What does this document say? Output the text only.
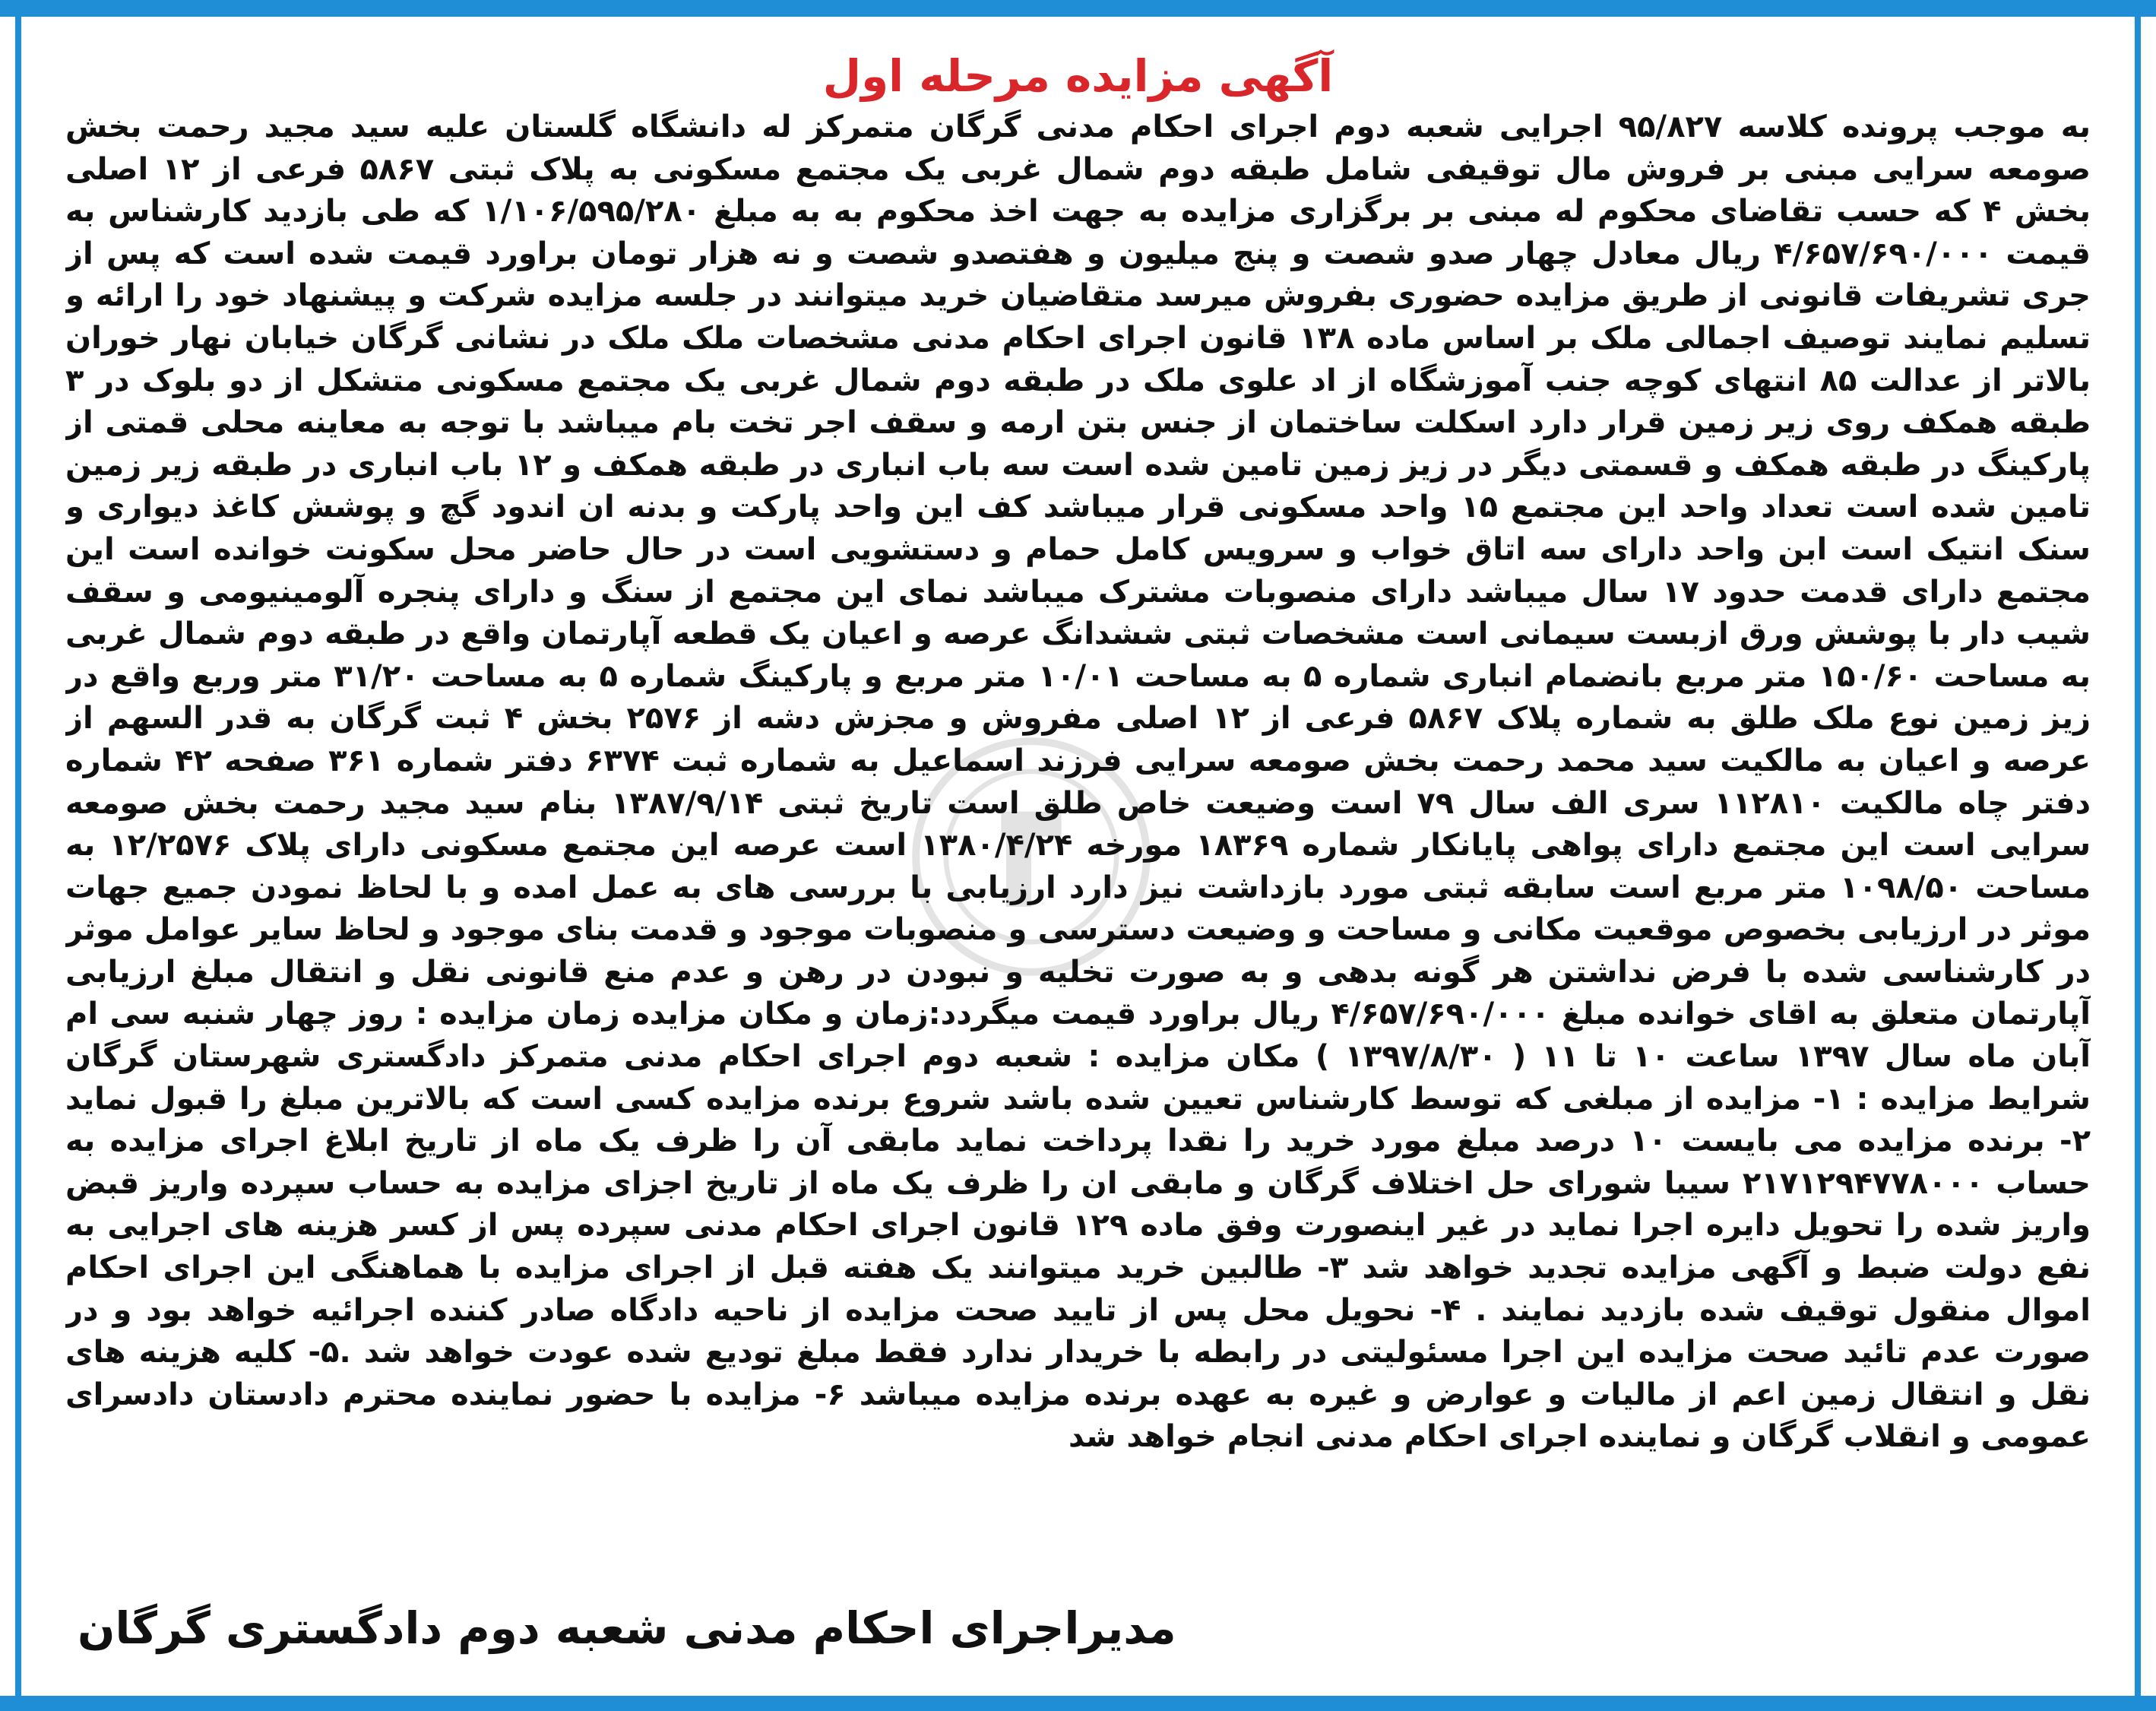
آگهی مزایده مرحله اول
به موجب پرونده کلاسه ۹۵/۸۲۷ اجرایی شعبه دوم اجرای احکام مدنی گرگان متمرکز له دانشگاه گلستان علیه سید مجید رحمت بخش صومعه سرایی مبنی بر فروش مال توقیفی شامل طبقه دوم شمال غربی یک مجتمع مسکونی به پلاک ثبتی ۵۸۶۷ فرعی از ۱۲ اصلی بخش ۴ که حسب تقاضای محکوم له مبنی بر برگزاری مزایده به جهت اخذ محکوم به به مبلغ ۱/۱۰۶/۵۹۵/۲۸۰ که طی بازدید کارشناس به قیمت ۴/۶۵۷/۶۹۰/۰۰۰ ریال معادل چهار صدو شصت و پنج میلیون و هفتصدو شصت و نه هزار تومان براورد قیمت شده است که پس از جری تشریفات قانونی از طریق مزایده حضوری بفروش میرسد متقاضیان خرید میتوانند در جلسه مزایده شرکت و پیشنهاد خود را ارائه و تسلیم نمایند توصیف اجمالی ملک بر اساس ماده ۱۳۸ قانون اجرای احکام مدنی مشخصات ملک ملک در نشانی گرگان خیابان نهار خوران بالاتر از عدالت ۸۵ انتهای کوچه جنب آموزشگاه از اد علوی ملک در طبقه دوم شمال غربی یک مجتمع مسکونی متشکل از دو بلوک در ۳ طبقه همکف روی زیر زمین قرار دارد اسکلت ساختمان از جنس بتن ارمه و سقف اجر تخت بام میباشد با توجه به معاینه محلی قمتی از پارکینگ در طبقه همکف و قسمتی دیگر در زیز زمین تامین شده است سه باب انباری در طبقه همکف و ۱۲ باب انباری در طبقه زیر زمین تامین شده است تعداد واحد این مجتمع ۱۵ واحد مسکونی قرار میباشد کف این واحد پارکت و بدنه ان اندود گچ و پوشش کاغذ دیواری و سنک انتیک است ابن واحد دارای سه اتاق خواب و سرویس کامل حمام و دستشویی است در حال حاضر محل سکونت خوانده است این مجتمع دارای قدمت حدود ۱۷ سال میباشد دارای منصوبات مشترک میباشد نمای این مجتمع از سنگ و دارای پنجره آلومینیومی و سقف شیب دار با پوشش ورق ازبست سیمانی است مشخصات ثبتی ششدانگ عرصه و اعیان یک قطعه آپارتمان واقع در طبقه دوم شمال غربی به مساحت ۱۵۰/۶۰ متر مربع بانضمام انباری شماره ۵ به مساحت ۱۰/۰۱ متر مربع و پارکینگ شماره ۵ به مساحت ۳۱/۲۰ متر وربع واقع در زیز زمین نوع ملک طلق به شماره پلاک ۵۸۶۷ فرعی از ۱۲ اصلی مفروش و مجزش دشه از ۲۵۷۶ بخش ۴ ثبت گرگان به قدر السهم از عرصه و اعیان به مالکیت سید محمد رحمت بخش صومعه سرایی فرزند اسماعیل به شماره ثبت ۶۳۷۴ دفتر شماره ۳۶۱ صفحه ۴۲ شماره دفتر چاه مالکیت ۱۱۲۸۱۰ سری الف سال ۷۹ است وضیعت خاص طلق است تاریخ ثبتی ۱۳۸۷/۹/۱۴ بنام سید مجید رحمت بخش صومعه سرایی است این مجتمع دارای پواهی پایانکار شماره ۱۸۳۶۹ مورخه ۱۳۸۰/۴/۲۴ است عرصه این مجتمع مسکونی دارای پلاک ۱۲/۲۵۷۶ به مساحت ۱۰۹۸/۵۰ متر مربع است سابقه ثبتی مورد بازداشت نیز دارد ارزیابی با بررسی های به عمل امده و با لحاظ نمودن جمیع جهات موثر در ارزیابی بخصوص موقعیت مکانی و مساحت و وضیعت دسترسی و منصوبات موجود و قدمت بنای موجود و لحاظ سایر عوامل موثر در کارشناسی شده با فرض نداشتن هر گونه بدهی و به صورت تخلیه و نبودن در رهن و عدم منع قانونی نقل و انتقال مبلغ ارزیابی آپارتمان متعلق به اقای خوانده مبلغ ۴/۶۵۷/۶۹۰/۰۰۰ ریال براورد قیمت میگردد:زمان و مکان مزایده زمان مزایده : روز چهار شنبه سی ام آبان ماه سال ۱۳۹۷ ساعت ۱۰ تا ۱۱ ( ۱۳۹۷/۸/۳۰ ) مکان مزایده : شعبه دوم اجرای احکام مدنی متمرکز دادگستری شهرستان گرگان شرایط مزایده : ۱- مزایده از مبلغی که توسط کارشناس تعیین شده باشد شروع برنده مزایده کسی است که بالاترین مبلغ را قبول نماید ۲- برنده مزایده می بایست ۱۰ درصد مبلغ مورد خرید را نقدا پرداخت نماید مابقی آن را ظرف یک ماه از تاریخ ابلاغ اجرای مزایده به حساب ۲۱۷۱۲۹۴۷۷۸۰۰۰ سیبا شورای حل اختلاف گرگان و مابقی ان را ظرف یک ماه از تاریخ اجزای مزایده به حساب سپرده واریز قبض واریز شده را تحویل دایره اجرا نماید در غیر اینصورت وفق ماده ۱۲۹ قانون اجرای احکام مدنی سپرده پس از کسر هزینه های اجرایی به نفع دولت ضبط و آگهی مزایده تجدید خواهد شد ۳- طالبین خرید میتوانند یک هفته قبل از اجرای مزایده با هماهنگی این اجرای احکام اموال منقول توقیف شده بازدید نمایند . ۴- نحویل محل پس از تایید صحت مزایده از ناحیه دادگاه صادر کننده اجرائیه خواهد بود و در صورت عدم تائید صحت مزایده این اجرا مسئولیتی در رابطه با خریدار ندارد فقط مبلغ تودیع شده عودت خواهد شد .۵- کلیه هزینه های نقل و انتقال زمین اعم از مالیات و عوارض و غیره به عهده برنده مزایده میباشد ۶- مزایده با حضور نماینده محترم دادستان دادسرای عمومی و انقلاب گرگان و نماینده اجرای احکام مدنی انجام خواهد شد
مدیراجرای احکام مدنی شعبه دوم دادگستری گرگان
